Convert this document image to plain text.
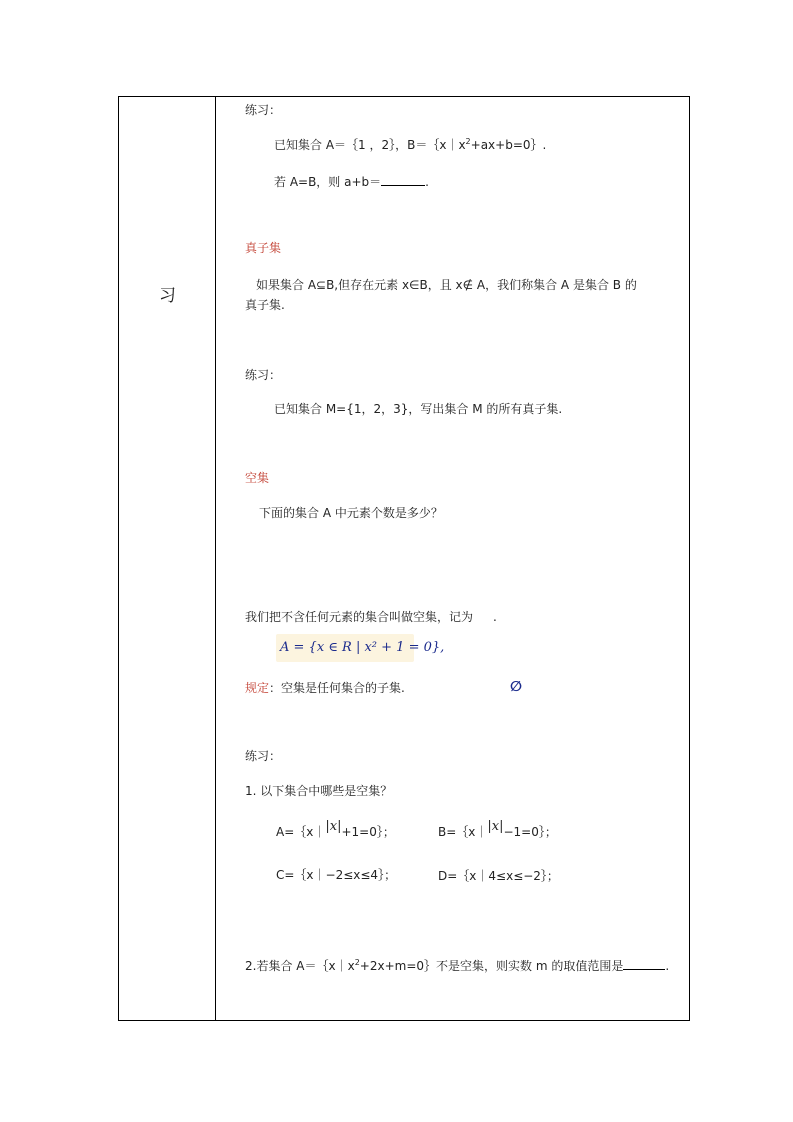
习
练习：
已知集合 A＝｛1 ，2｝，$B=\{x|x^2+ax+b=0\}$.
若 A=B，则 a+b＝	.
真子集
如果集合 A⊆B,但存在元素 x∈B，且 x∉ A，我们称集合 A 是集合 B 的
真子集.
练习：
已知集合 M={1，2，3}，写出集合 M 的所有真子集.
空集
下面的集合 A 中元素个数是多少？
我们把不含任何元素的集合叫做空集，记为 .
A = {x ∈ R | x² + 1 = 0},
规定：空集是任何集合的子集.	∅
练习：
1. 以下集合中哪些是空集？
A=｛x｜|x|+1=0｝；	B=｛x｜|x|−1=0｝；
C=｛x｜−2≤x≤4｝；	D=｛x｜4≤x≤−2｝；
2.若集合 $A=\{x|x^2+2x+m=0\}$不是空集，则实数 m 的取值范围是	.
